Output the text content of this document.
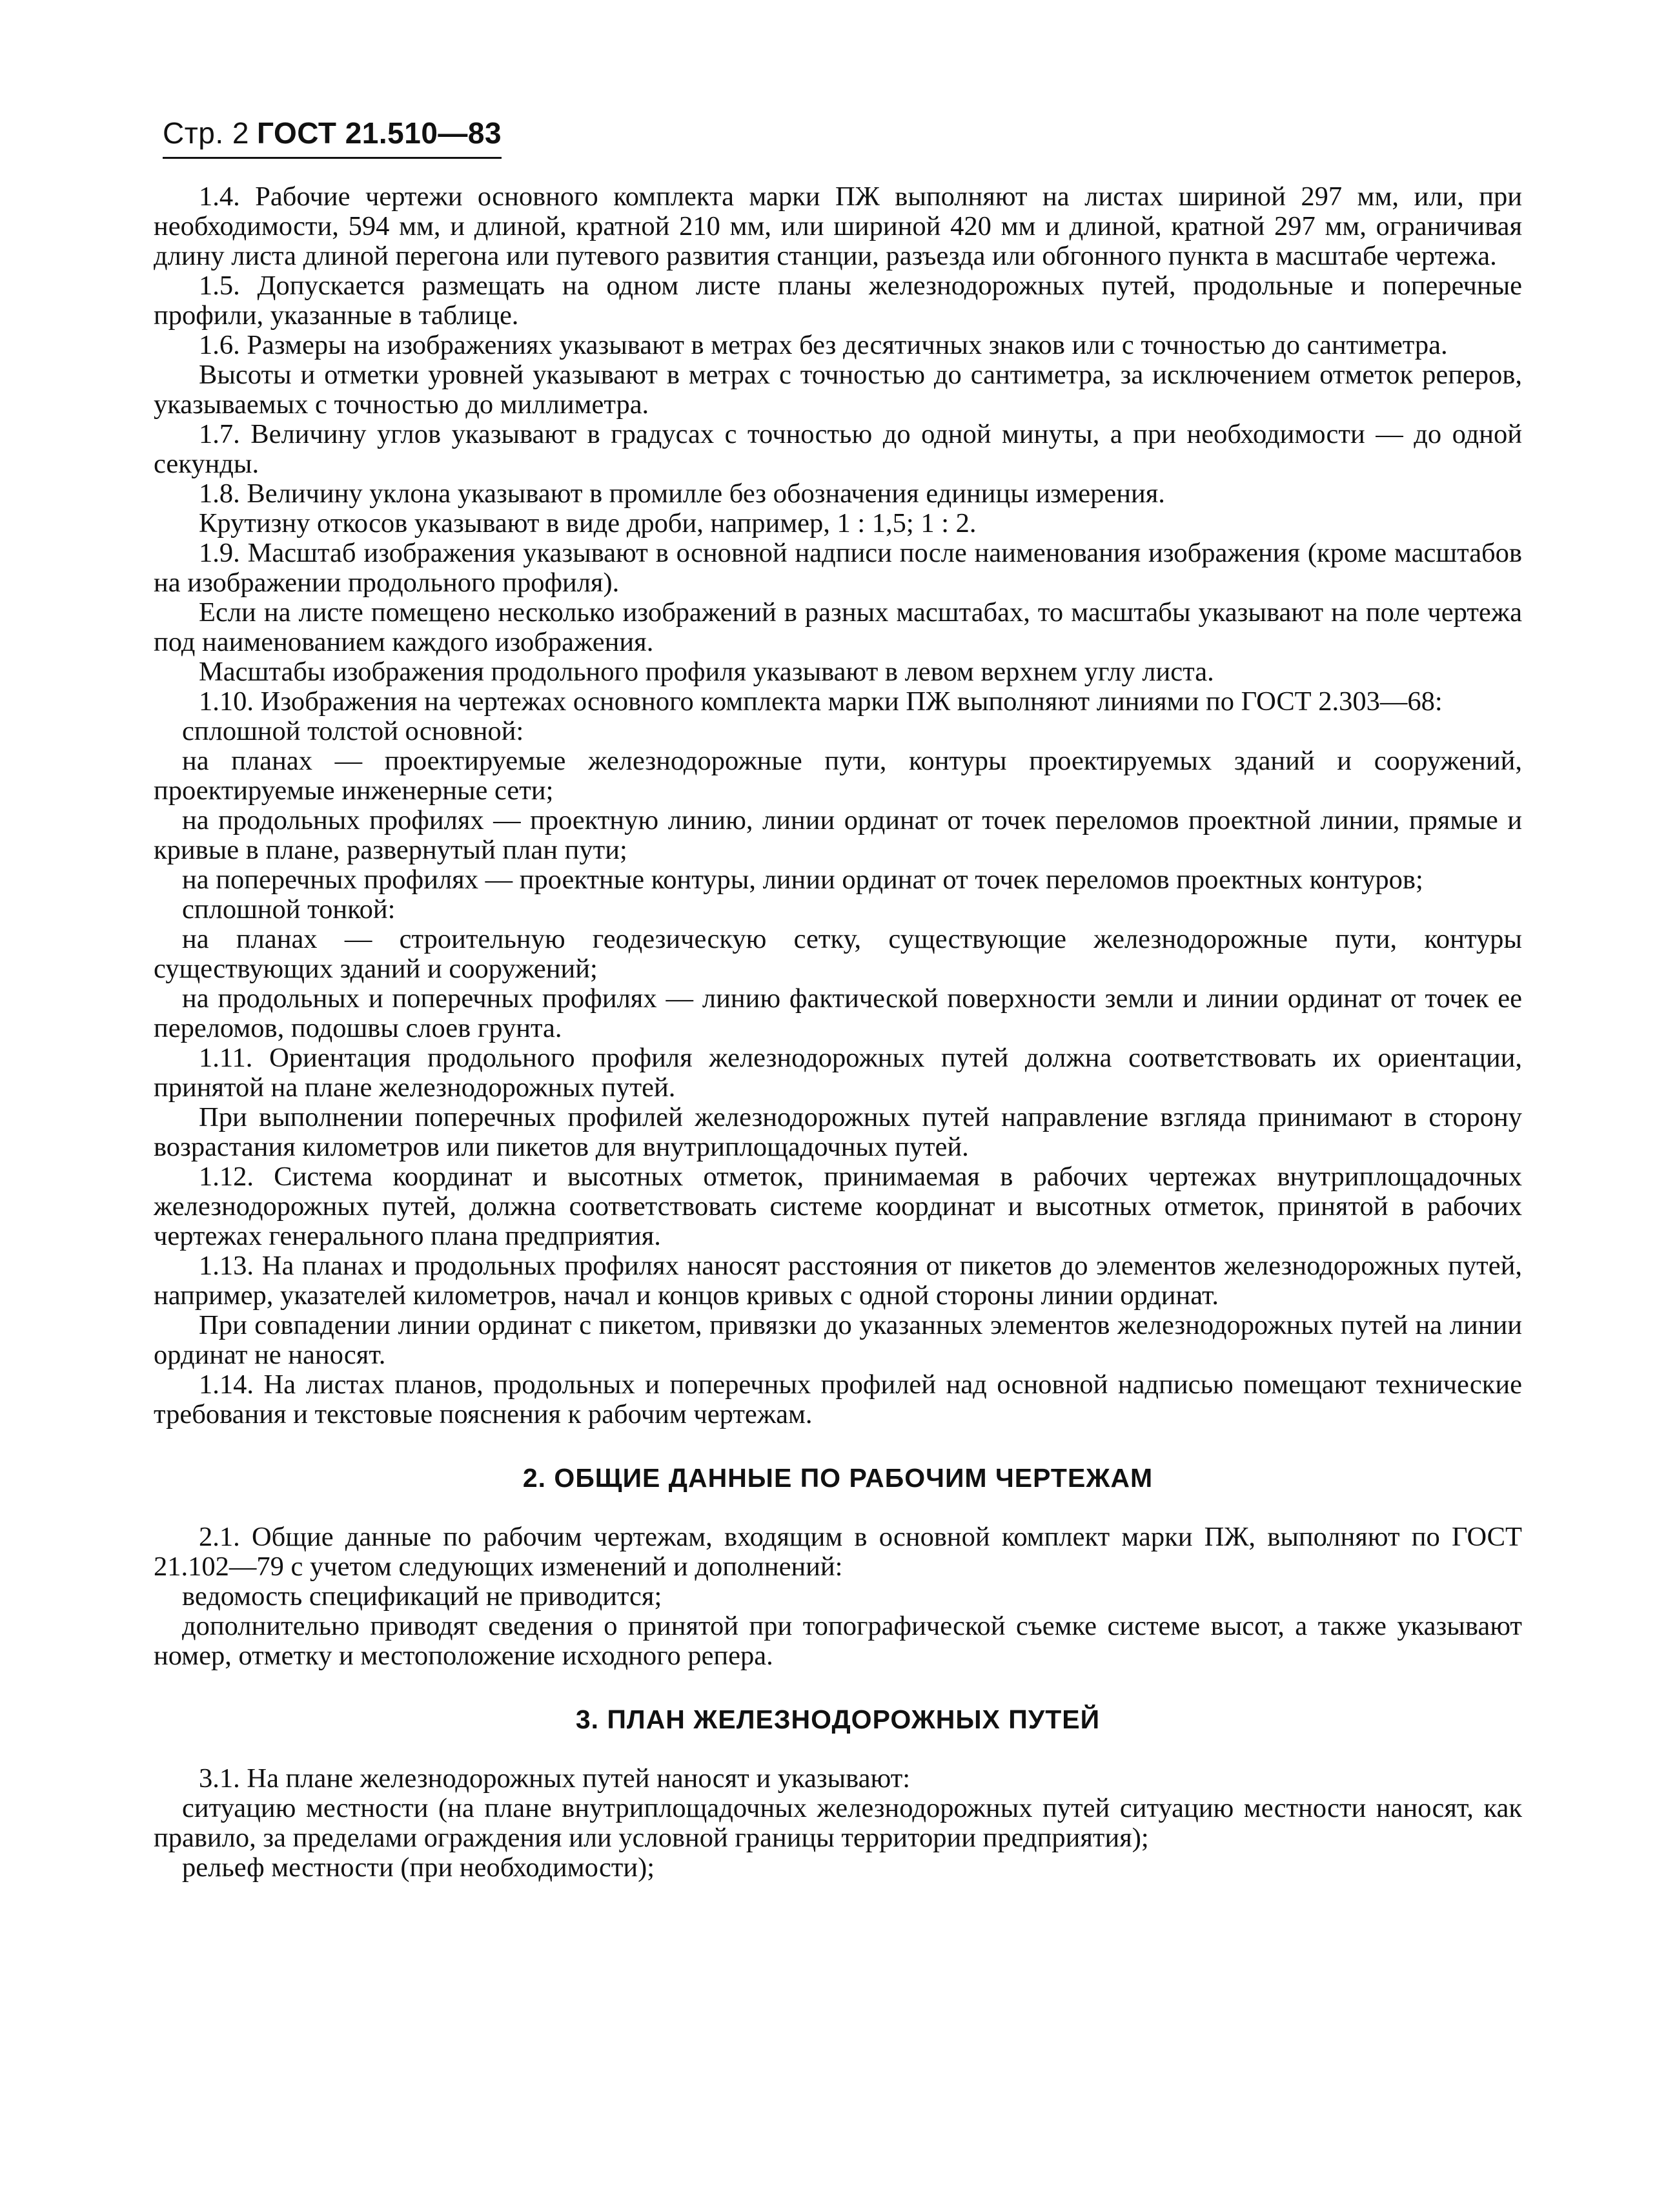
Стр. 2 ГОСТ 21.510—83

1.4. Рабочие чертежи основного комплекта марки ПЖ выполняют на листах шириной 297 мм, или, при необходимости, 594 мм, и длиной, кратной 210 мм, или шириной 420 мм и длиной, кратной 297 мм, ограничивая длину листа длиной перегона или путевого развития станции, разъезда или обгонного пункта в масштабе чертежа.

1.5. Допускается размещать на одном листе планы железнодорожных путей, продольные и поперечные профили, указанные в таблице.

1.6. Размеры на изображениях указывают в метрах без десятичных знаков или с точностью до сантиметра.

Высоты и отметки уровней указывают в метрах с точностью до сантиметра, за исключением отметок реперов, указываемых с точностью до миллиметра.

1.7. Величину углов указывают в градусах с точностью до одной минуты, а при необходимости — до одной секунды.

1.8. Величину уклона указывают в промилле без обозначения единицы измерения.

Крутизну откосов указывают в виде дроби, например, 1 : 1,5; 1 : 2.

1.9. Масштаб изображения указывают в основной надписи после наименования изображения (кроме масштабов на изображении продольного профиля).

Если на листе помещено несколько изображений в разных масштабах, то масштабы указывают на поле чертежа под наименованием каждого изображения.

Масштабы изображения продольного профиля указывают в левом верхнем углу листа.

1.10. Изображения на чертежах основного комплекта марки ПЖ выполняют линиями по ГОСТ 2.303—68:

сплошной толстой основной:

на планах — проектируемые железнодорожные пути, контуры проектируемых зданий и сооружений, проектируемые инженерные сети;

на продольных профилях — проектную линию, линии ординат от точек переломов проектной линии, прямые и кривые в плане, развернутый план пути;

на поперечных профилях — проектные контуры, линии ординат от точек переломов проектных контуров;

сплошной тонкой:

на планах — строительную геодезическую сетку, существующие железнодорожные пути, контуры существующих зданий и сооружений;

на продольных и поперечных профилях — линию фактической поверхности земли и линии ординат от точек ее переломов, подошвы слоев грунта.

1.11. Ориентация продольного профиля железнодорожных путей должна соответствовать их ориентации, принятой на плане железнодорожных путей.

При выполнении поперечных профилей железнодорожных путей направление взгляда принимают в сторону возрастания километров или пикетов для внутриплощадочных путей.

1.12. Система координат и высотных отметок, принимаемая в рабочих чертежах внутриплощадочных железнодорожных путей, должна соответствовать системе координат и высотных отметок, принятой в рабочих чертежах генерального плана предприятия.

1.13. На планах и продольных профилях наносят расстояния от пикетов до элементов железнодорожных путей, например, указателей километров, начал и концов кривых с одной стороны линии ординат.

При совпадении линии ординат с пикетом, привязки до указанных элементов железнодорожных путей на линии ординат не наносят.

1.14. На листах планов, продольных и поперечных профилей над основной надписью помещают технические требования и текстовые пояснения к рабочим чертежам.

2. ОБЩИЕ ДАННЫЕ ПО РАБОЧИМ ЧЕРТЕЖАМ

2.1. Общие данные по рабочим чертежам, входящим в основной комплект марки ПЖ, выполняют по ГОСТ 21.102—79 с учетом следующих изменений и дополнений:

ведомость спецификаций не приводится;

дополнительно приводят сведения о принятой при топографической съемке системе высот, а также указывают номер, отметку и местоположение исходного репера.

3. ПЛАН ЖЕЛЕЗНОДОРОЖНЫХ ПУТЕЙ

3.1. На плане железнодорожных путей наносят и указывают:

ситуацию местности (на плане внутриплощадочных железнодорожных путей ситуацию местности наносят, как правило, за пределами ограждения или условной границы территории предприятия);

рельеф местности (при необходимости);
